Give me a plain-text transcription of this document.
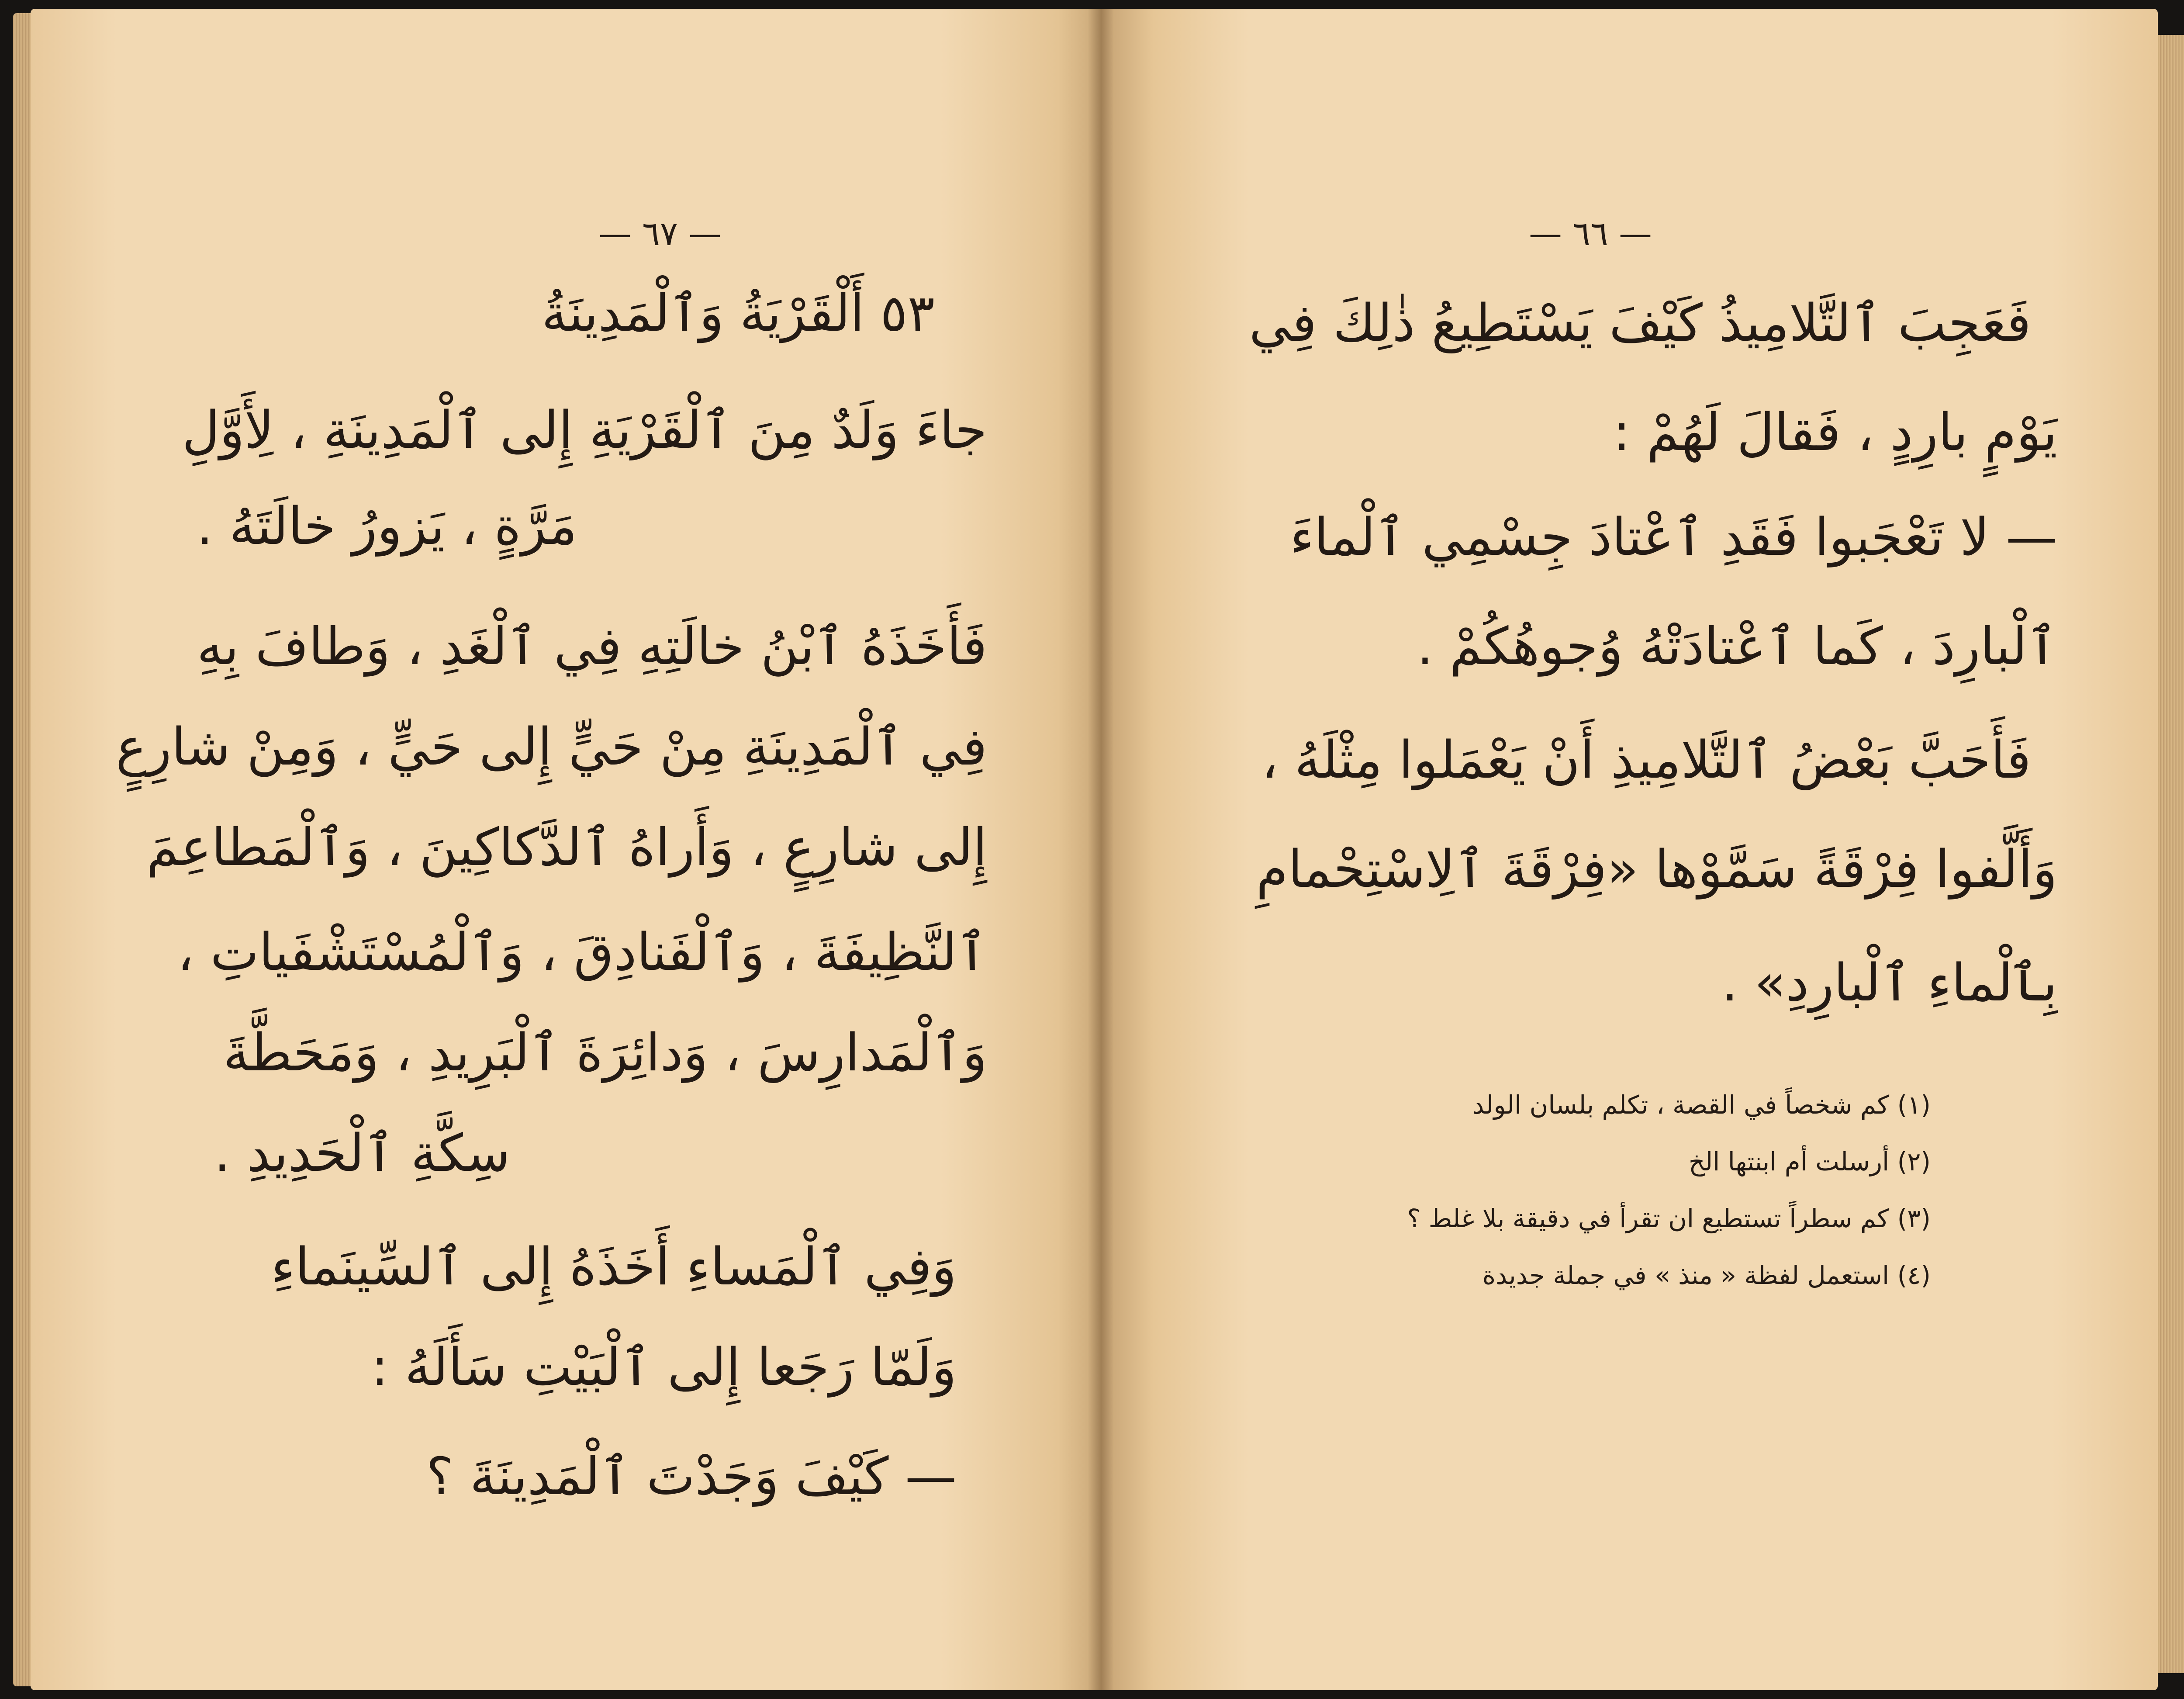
— ٦٧ —
٥٣ أَلْقَرْيَةُ وَٱلْمَدِينَةُ
جاءَ وَلَدٌ مِنَ ٱلْقَرْيَةِ إِلى ٱلْمَدِينَةِ ، لِأَوَّلِ
مَرَّةٍ ، يَزورُ خالَتَهُ .
فَأَخَذَهُ ٱبْنُ خالَتِهِ فِي ٱلْغَدِ ، وَطافَ بِهِ
فِي ٱلْمَدِينَةِ مِنْ حَيٍّ إِلى حَيٍّ ، وَمِنْ شارِعٍ
إِلى شارِعٍ ، وَأَراهُ ٱلدَّكاكِينَ ، وَٱلْمَطاعِمَ
ٱلنَّظِيفَةَ ، وَٱلْفَنادِقَ ، وَٱلْمُسْتَشْفَياتِ ،
وَٱلْمَدارِسَ ، وَدائِرَةَ ٱلْبَرِيدِ ، وَمَحَطَّةَ
سِكَّةِ ٱلْحَدِيدِ .
وَفِي ٱلْمَساءِ أَخَذَهُ إِلى ٱلسِّينَماءِ
وَلَمّا رَجَعا إِلى ٱلْبَيْتِ سَأَلَهُ :
— كَيْفَ وَجَدْتَ ٱلْمَدِينَةَ ؟
— ٦٦ —
فَعَجِبَ ٱلتَّلامِيذُ كَيْفَ يَسْتَطِيعُ ذٰلِكَ فِي
يَوْمٍ بارِدٍ ، فَقالَ لَهُمْ :
— لا تَعْجَبوا فَقَدِ ٱعْتادَ جِسْمِي ٱلْماءَ
ٱلْبارِدَ ، كَما ٱعْتادَتْهُ وُجوهُكُمْ .
فَأَحَبَّ بَعْضُ ٱلتَّلامِيذِ أَنْ يَعْمَلوا مِثْلَهُ ،
وَأَلَّفوا فِرْقَةً سَمَّوْها «فِرْقَةَ ٱلِاسْتِحْمامِ
بِٱلْماءِ ٱلْبارِدِ» .
(١) كم شخصاً في القصة ، تكلم بلسان الولد
(٢) أرسلت أم ابنتها الخ
(٣) كم سطراً تستطيع ان تقرأ في دقيقة بلا غلط ؟
(٤) استعمل لفظة « منذ » في جملة جديدة
